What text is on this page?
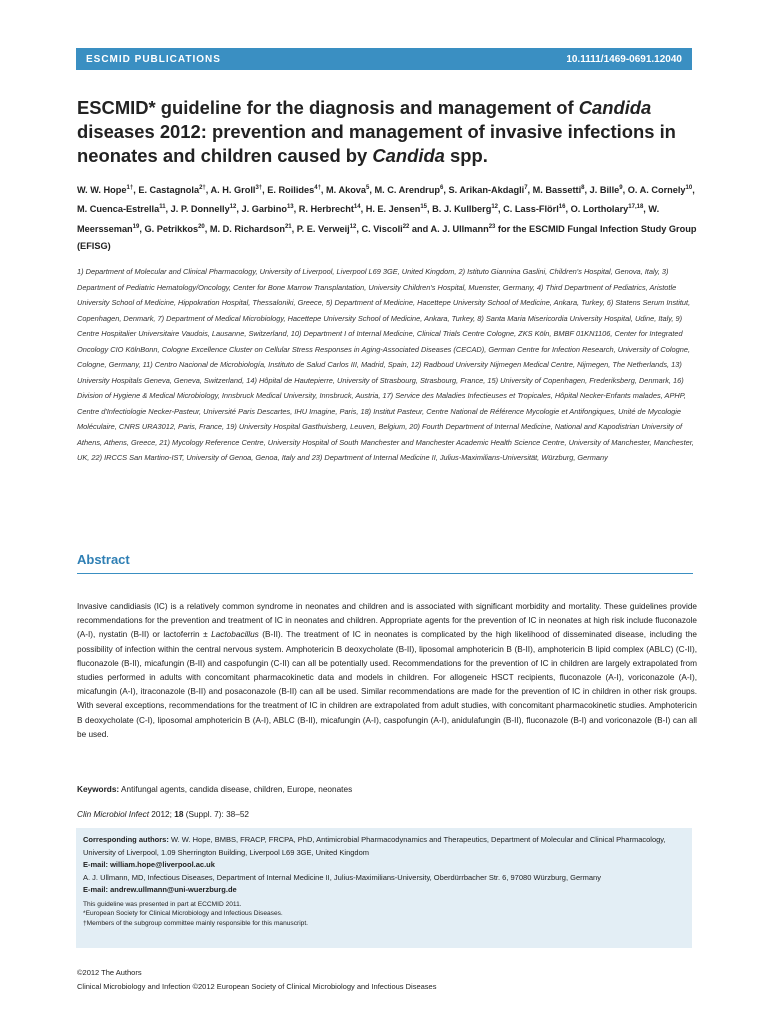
ESCMID PUBLICATIONS	10.1111/1469-0691.12040
ESCMID* guideline for the diagnosis and management of Candida diseases 2012: prevention and management of invasive infections in neonates and children caused by Candida spp.
W. W. Hope$^{1\dagger}$, E. Castagnola$^{2\dagger}$, A. H. Groll$^{3\dagger}$, E. Roilides$^{4\dagger}$, M. Akova$^5$, M. C. Arendrup$^6$, S. Arikan-Akdagli$^7$, M. Bassetti$^8$, J. Bille$^9$, O. A. Cornely$^{10}$, M. Cuenca-Estrella$^{11}$, J. P. Donnelly$^{12}$, J. Garbino$^{13}$, R. Herbrecht$^{14}$, H. E. Jensen$^{15}$, B. J. Kullberg$^{12}$, C. Lass-Flörl$^{16}$, O. Lortholary$^{17,18}$, W. Meersseman$^{19}$, G. Petrikkos$^{20}$, M. D. Richardson$^{21}$, P. E. Verweij$^{12}$, C. Viscoli$^{22}$ and A. J. Ullmann$^{23}$ for the ESCMID Fungal Infection Study Group (EFISG)
1) Department of Molecular and Clinical Pharmacology, University of Liverpool, Liverpool L69 3GE, United Kingdom, 2) Istituto Giannina Gaslini, Children's Hospital, Genova, Italy, 3) Department of Pediatric Hematology/Oncology, Center for Bone Marrow Transplantation, University Children's Hospital, Muenster, Germany, 4) Third Department of Pediatrics, Aristotle University School of Medicine, Hippokration Hospital, Thessaloniki, Greece, 5) Department of Medicine, Hacettepe University School of Medicine, Ankara, Turkey, 6) Statens Serum Institut, Copenhagen, Denmark, 7) Department of Medical Microbiology, Hacettepe University School of Medicine, Ankara, Turkey, 8) Santa Maria Misericordia University Hospital, Udine, Italy, 9) Centre Hospitalier Universitaire Vaudois, Lausanne, Switzerland, 10) Department I of Internal Medicine, Clinical Trials Centre Cologne, ZKS Köln, BMBF 01KN1106, Center for Integrated Oncology CIO KölnBonn, Cologne Excellence Cluster on Cellular Stress Responses in Aging-Associated Diseases (CECAD), German Centre for Infection Research, University of Cologne, Cologne, Germany, 11) Centro Nacional de Microbiología, Instituto de Salud Carlos III, Madrid, Spain, 12) Radboud University Nijmegen Medical Centre, Nijmegen, The Netherlands, 13) University Hospitals Geneva, Geneva, Switzerland, 14) Hôpital de Hautepierre, University of Strasbourg, Strasbourg, France, 15) University of Copenhagen, Frederiksberg, Denmark, 16) Division of Hygiene & Medical Microbiology, Innsbruck Medical University, Innsbruck, Austria, 17) Service des Maladies Infectieuses et Tropicales, Hôpital Necker-Enfants malades, APHP, Centre d'Infectiologie Necker-Pasteur, Université Paris Descartes, IHU Imagine, Paris, 18) Institut Pasteur, Centre National de Référence Mycologie et Antifongiques, Unité de Mycologie Moléculaire, CNRS URA3012, Paris, France, 19) University Hospital Gasthuisberg, Leuven, Belgium, 20) Fourth Department of Internal Medicine, National and Kapodistrian University of Athens, Athens, Greece, 21) Mycology Reference Centre, University Hospital of South Manchester and Manchester Academic Health Science Centre, University of Manchester, Manchester, UK, 22) IRCCS San Martino-IST, University of Genoa, Genoa, Italy and 23) Department of Internal Medicine II, Julius-Maximilians-Universität, Würzburg, Germany
Abstract
Invasive candidiasis (IC) is a relatively common syndrome in neonates and children and is associated with significant morbidity and mortality. These guidelines provide recommendations for the prevention and treatment of IC in neonates and children. Appropriate agents for the prevention of IC in neonates at high risk include fluconazole (A-I), nystatin (B-II) or lactoferrin ± Lactobacillus (B-II). The treatment of IC in neonates is complicated by the high likelihood of disseminated disease, including the possibility of infection within the central nervous system. Amphotericin B deoxycholate (B-II), liposomal amphotericin B (B-II), amphotericin B lipid complex (ABLC) (C-II), fluconazole (B-II), micafungin (B-II) and caspofungin (C-II) can all be potentially used. Recommendations for the prevention of IC in children are largely extrapolated from studies performed in adults with concomitant pharmacokinetic data and models in children. For allogeneic HSCT recipients, fluconazole (A-I), voriconazole (A-I), micafungin (A-I), itraconazole (B-II) and posaconazole (B-II) can all be used. Similar recommendations are made for the prevention of IC in children in other risk groups. With several exceptions, recommendations for the treatment of IC in children are extrapolated from adult studies, with concomitant pharmacokinetic studies. Amphotericin B deoxycholate (C-I), liposomal amphotericin B (A-I), ABLC (B-II), micafungin (A-I), caspofungin (A-I), anidulafungin (B-II), fluconazole (B-I) and voriconazole (B-I) can all be used.
Keywords: Antifungal agents, candida disease, children, Europe, neonates
Clin Microbiol Infect 2012; 18 (Suppl. 7): 38–52
Corresponding authors: W. W. Hope, BMBS, FRACP, FRCPA, PhD, Antimicrobial Pharmacodynamics and Therapeutics, Department of Molecular and Clinical Pharmacology, University of Liverpool, 1.09 Sherrington Building, Liverpool L69 3GE, United Kingdom
E-mail: william.hope@liverpool.ac.uk
A. J. Ullmann, MD, Infectious Diseases, Department of Internal Medicine II, Julius-Maximilians-University, Oberdürrbacher Str. 6, 97080 Würzburg, Germany
E-mail: andrew.ullmann@uni-wuerzburg.de
This guideline was presented in part at ECCMID 2011.
*European Society for Clinical Microbiology and Infectious Diseases.
†Members of the subgroup committee mainly responsible for this manuscript.
©2012 The Authors
Clinical Microbiology and Infection ©2012 European Society of Clinical Microbiology and Infectious Diseases
